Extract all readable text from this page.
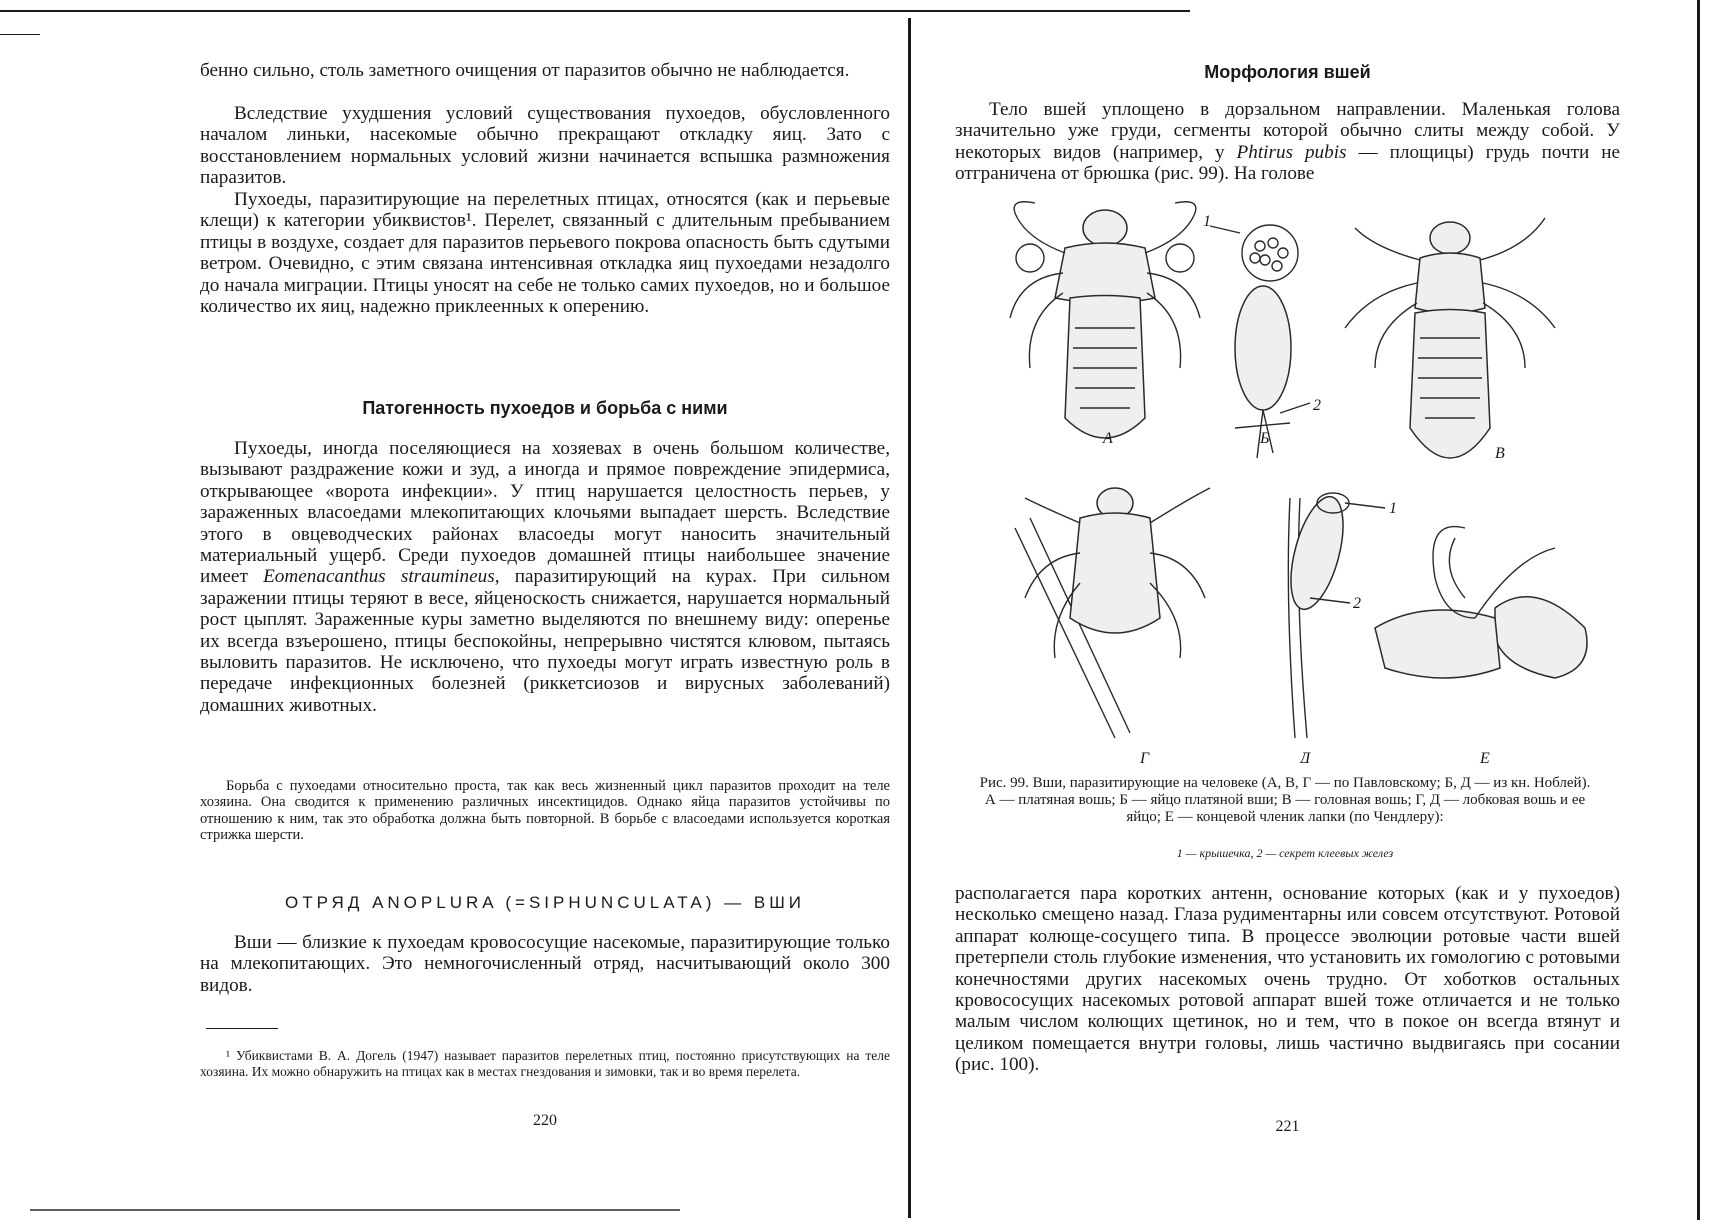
бенно сильно, столь заметного очищения от паразитов обычно не наблюдается.

Вследствие ухудшения условий существования пухоедов, обусловленного началом линьки, насекомые обычно прекращают откладку яиц. Зато с восстановлением нормальных условий жизни начинается вспышка размножения паразитов.

Пухоеды, паразитирующие на перелетных птицах, относятся (как и перьевые клещи) к категории убиквистов¹. Перелет, связанный с длительным пребыванием птицы в воздухе, создает для паразитов перьевого покрова опасность быть сдутыми ветром. Очевидно, с этим связана интенсивная откладка яиц пухоедами незадолго до начала миграции. Птицы уносят на себе не только самих пухоедов, но и большое количество их яиц, надежно приклеенных к оперению.

Патогенность пухоедов и борьба с ними

Пухоеды, иногда поселяющиеся на хозяевах в очень большом количестве, вызывают раздражение кожи и зуд, а иногда и прямое повреждение эпидермиса, открывающее «ворота инфекции». У птиц нарушается целостность перьев, у зараженных власоедами млекопитающих клочьями выпадает шерсть. Вследствие этого в овцеводческих районах власоеды могут наносить значительный материальный ущерб. Среди пухоедов домашней птицы наибольшее значение имеет Eomenacanthus straumineus, паразитирующий на курах. При сильном заражении птицы теряют в весе, яйценоскость снижается, нарушается нормальный рост цыплят. Зараженные куры заметно выделяются по внешнему виду: оперенье их всегда взъерошено, птицы беспокойны, непрерывно чистятся клювом, пытаясь выловить паразитов. Не исключено, что пухоеды могут играть известную роль в передаче инфекционных болезней (риккетсиозов и вирусных заболеваний) домашних животных.

Борьба с пухоедами относительно проста, так как весь жизненный цикл паразитов проходит на теле хозяина. Она сводится к применению различных инсектицидов. Однако яйца паразитов устойчивы по отношению к ним, так это обработка должна быть повторной. В борьбе с власоедами используется короткая стрижка шерсти.

ОТРЯД ANOPLURA (=SIPHUNCULATA) — ВШИ

Вши — близкие к пухоедам кровососущие насекомые, паразитирующие только на млекопитающих. Это немногочисленный отряд, насчитывающий около 300 видов.

¹ Убиквистами В. А. Догель (1947) называет паразитов перелетных птиц, постоянно присутствующих на теле хозяина. Их можно обнаружить на птицах как в местах гнездования и зимовки, так и во время перелета.

220

Морфология вшей

Тело вшей уплощено в дорзальном направлении. Маленькая голова значительно уже груди, сегменты которой обычно слиты между собой. У некоторых видов (например, у Phtirus pubis — площицы) грудь почти не отграничена от брюшка (рис. 99). На голове

А	Б
В
Г	Д	Е
1
2
1
2

Рис. 99. Вши, паразитирующие на человеке (А, В, Г — по Павловскому; Б, Д — из кн. Ноблей). А — платяная вошь; Б — яйцо платяной вши; В — головная вошь; Г, Д — лобковая вошь и ее яйцо; Е — концевой членик лапки (по Чендлеру):

1 — крышечка, 2 — секрет клеевых желез

располагается пара коротких антенн, основание которых (как и у пухоедов) несколько смещено назад. Глаза рудиментарны или совсем отсутствуют. Ротовой аппарат колюще-сосущего типа. В процессе эволюции ротовые части вшей претерпели столь глубокие изменения, что установить их гомологию с ротовыми конечностями других насекомых очень трудно. От хоботков остальных кровососущих насекомых ротовой аппарат вшей тоже отличается и не только малым числом колющих щетинок, но и тем, что в покое он всегда втянут и целиком помещается внутри головы, лишь частично выдвигаясь при сосании (рис. 100).

221
